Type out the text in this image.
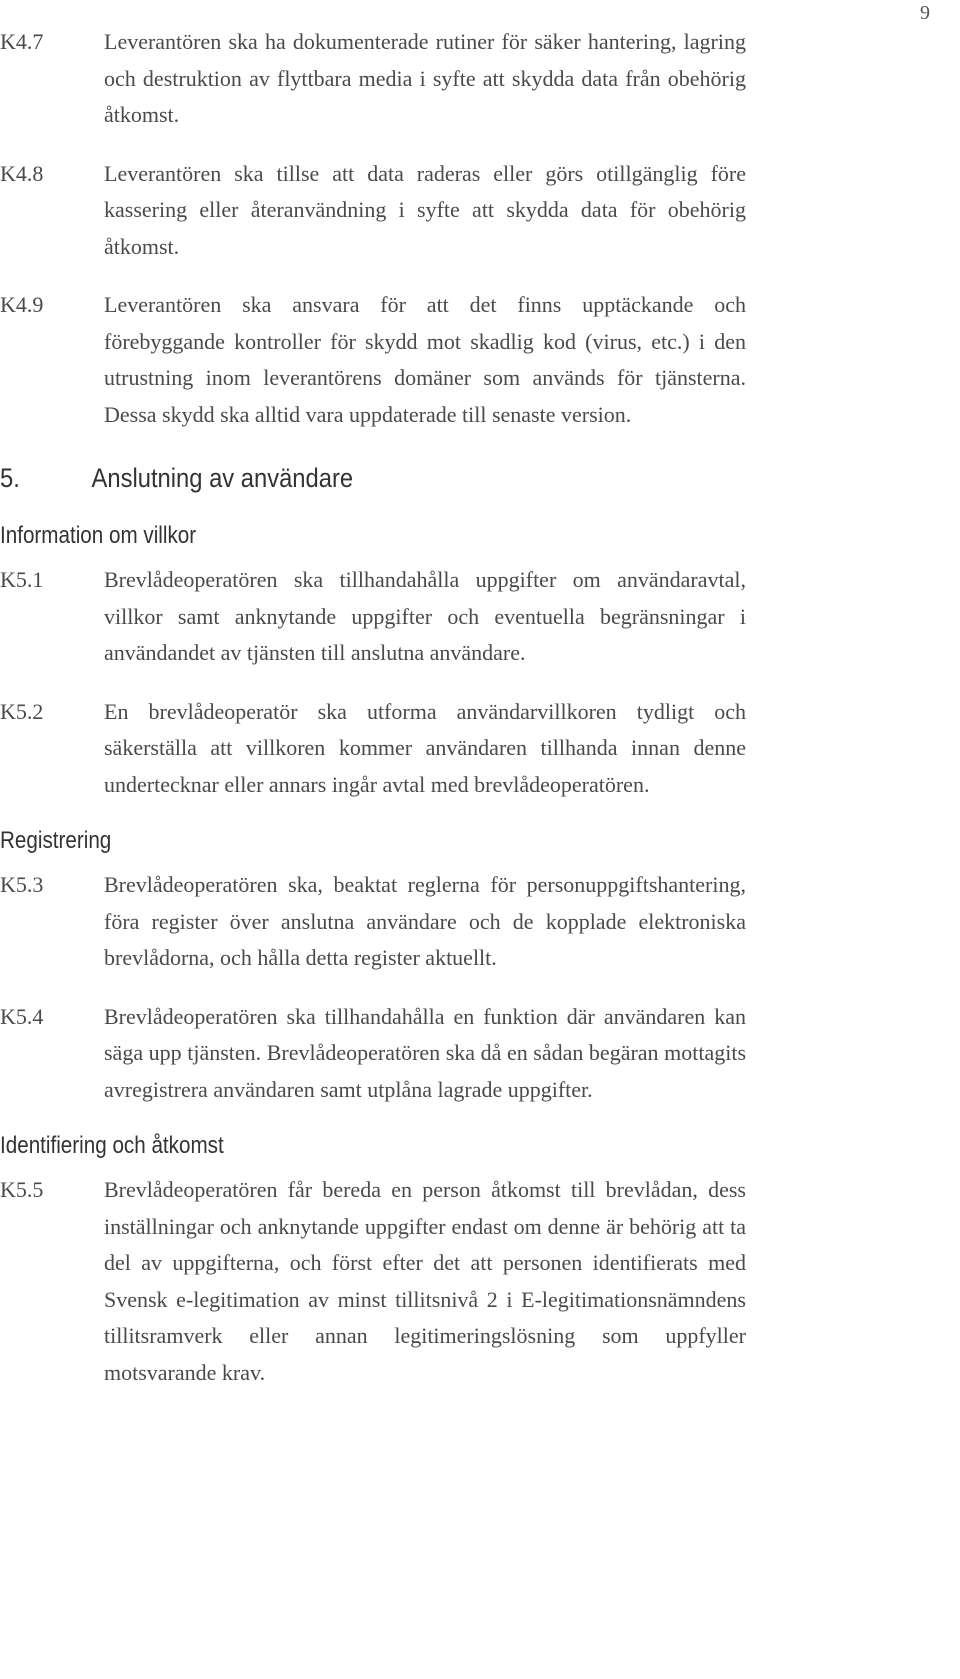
9
K4.7	Leverantören ska ha dokumenterade rutiner för säker hantering, lagring och destruktion av flyttbara media i syfte att skydda data från obehörig åtkomst.
K4.8	Leverantören ska tillse att data raderas eller görs otillgänglig före kassering eller återanvändning i syfte att skydda data för obehörig åtkomst.
K4.9	Leverantören ska ansvara för att det finns upptäckande och förebyggande kontroller för skydd mot skadlig kod (virus, etc.) i den utrustning inom leverantörens domäner som används för tjänsterna. Dessa skydd ska alltid vara uppdaterade till senaste version.
5.	Anslutning av användare
Information om villkor
K5.1	Brevlådeoperatören ska tillhandahålla uppgifter om användaravtal, villkor samt anknytande uppgifter och eventuella begränsningar i användandet av tjänsten till anslutna användare.
K5.2	En brevlådeoperatör ska utforma användarvillkoren tydligt och säkerställa att villkoren kommer användaren tillhanda innan denne undertecknar eller annars ingår avtal med brevlådeoperatören.
Registrering
K5.3	Brevlådeoperatören ska, beaktat reglerna för personuppgiftshantering, föra register över anslutna användare och de kopplade elektroniska brevlådorna, och hålla detta register aktuellt.
K5.4	Brevlådeoperatören ska tillhandahålla en funktion där användaren kan säga upp tjänsten. Brevlådeoperatören ska då en sådan begäran mottagits avregistrera användaren samt utplåna lagrade uppgifter.
Identifiering och åtkomst
K5.5	Brevlådeoperatören får bereda en person åtkomst till brevlådan, dess inställningar och anknytande uppgifter endast om denne är behörig att ta del av uppgifterna, och först efter det att personen identifierats med Svensk e-legitimation av minst tillitsnivå 2 i E-legitimationsnämndens tillitsramverk eller annan legitimeringslösning som uppfyller motsvarande krav.
